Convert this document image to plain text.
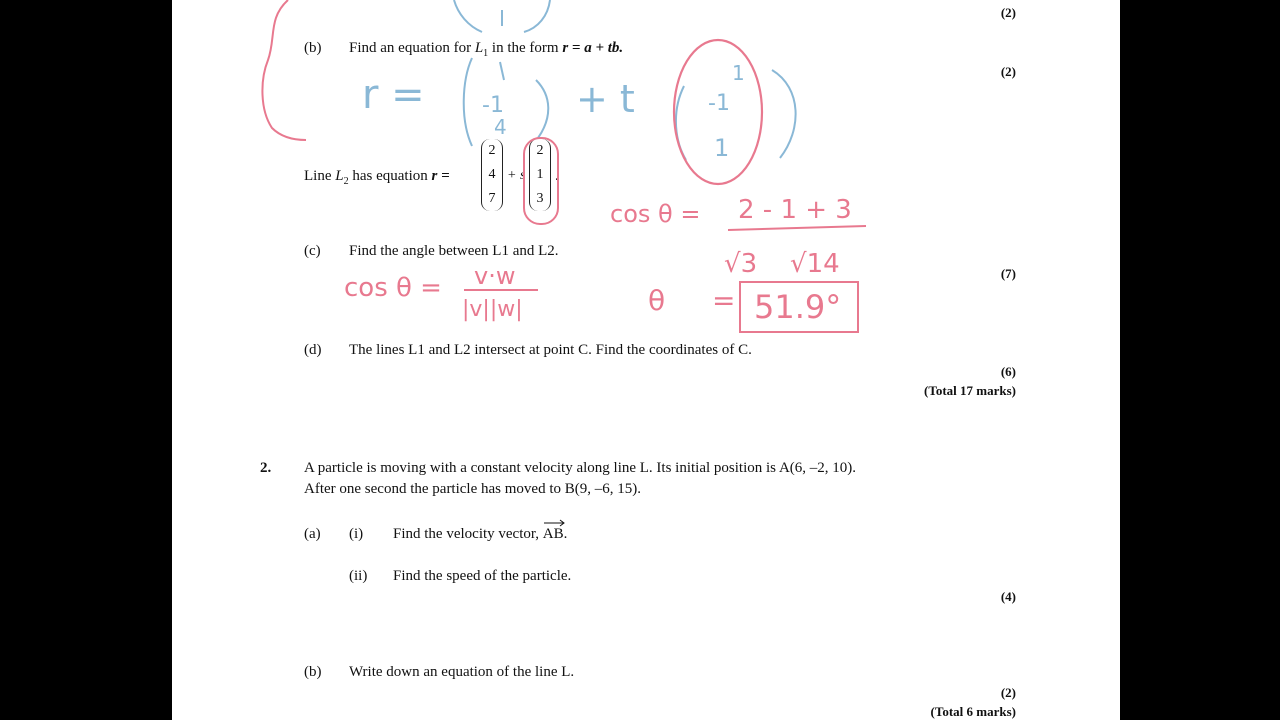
(2)
(b) Find an equation for $L_1$ in the form r = a + tb.
(2)
Line $L_2$ has equation r =
2
4
7
+ s
2
1
3
.
(c) Find the angle between L1 and L2.
(7)
(d) The lines L1 and L2 intersect at point C. Find the coordinates of C.
(6)
(Total 17 marks)
2. A particle is moving with a constant velocity along line L. Its initial position is A(6, –2, 10).
After one second the particle has moved to B(9, –6, 15).
(a) (i) Find the velocity vector, AB.
(ii) Find the speed of the particle.
(4)
(b) Write down an equation of the line L.
(2)
(Total 6 marks)
r =	-1
4
+ t
1
-1
1
cos θ = v·w
|v||w|
cos θ = 2 - 1 + 3
√3 √14
θ = 51.9°
